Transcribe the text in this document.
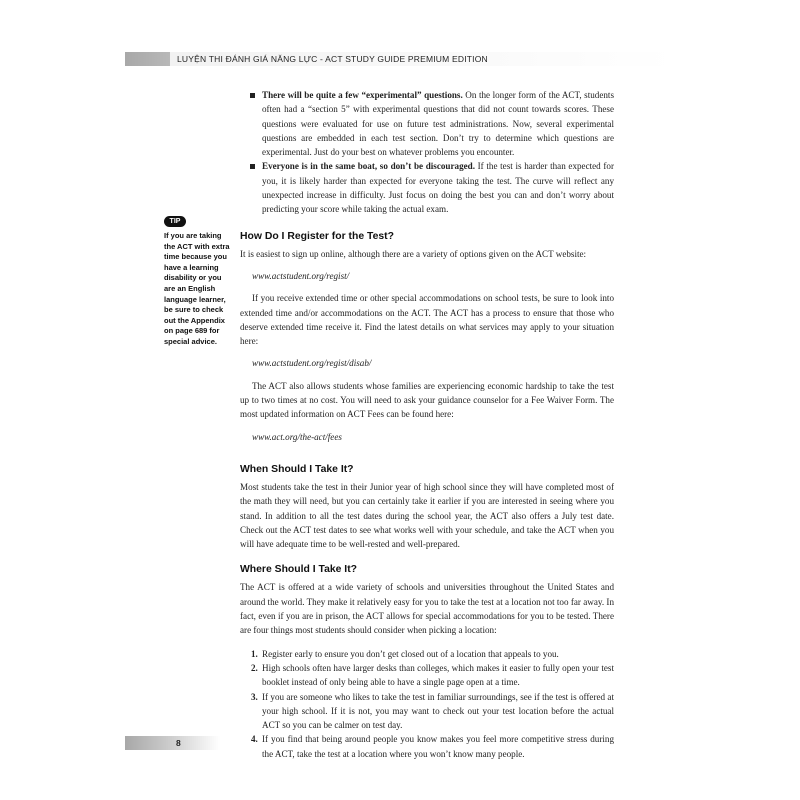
LUYỆN THI ĐÁNH GIÁ NĂNG LỰC - ACT STUDY GUIDE PREMIUM EDITION
TIP
If you are taking the ACT with extra time because you have a learning disability or you are an English language learner, be sure to check out the Appendix on page 689 for special advice.
There will be quite a few “experimental” questions. On the longer form of the ACT, students often had a “section 5” with experimental questions that did not count towards scores. These questions were evaluated for use on future test administrations. Now, several experimental questions are embedded in each test section. Don’t try to determine which questions are experimental. Just do your best on whatever problems you encounter.
Everyone is in the same boat, so don’t be discouraged. If the test is harder than expected for you, it is likely harder than expected for everyone taking the test. The curve will reflect any unexpected increase in difficulty. Just focus on doing the best you can and don’t worry about predicting your score while taking the actual exam.
How Do I Register for the Test?

It is easiest to sign up online, although there are a variety of options given on the ACT website:

www.actstudent.org/regist/

If you receive extended time or other special accommodations on school tests, be sure to look into extended time and/or accommodations on the ACT. The ACT has a process to ensure that those who deserve extended time receive it. Find the latest details on what services may apply to your situation here:

www.actstudent.org/regist/disab/

The ACT also allows students whose families are experiencing economic hardship to take the test up to two times at no cost. You will need to ask your guidance counselor for a Fee Waiver Form. The most updated information on ACT Fees can be found here:

www.act.org/the-act/fees

When Should I Take It?

Most students take the test in their Junior year of high school since they will have completed most of the math they will need, but you can certainly take it earlier if you are interested in seeing where you stand. In addition to all the test dates during the school year, the ACT also offers a July test date. Check out the ACT test dates to see what works well with your schedule, and take the ACT when you will have adequate time to be well-rested and well-prepared.

Where Should I Take It?

The ACT is offered at a wide variety of schools and universities throughout the United States and around the world. They make it relatively easy for you to take the test at a location not too far away. In fact, even if you are in prison, the ACT allows for special accommodations for you to be tested. There are four things most students should consider when picking a location:

1. Register early to ensure you don’t get closed out of a location that appeals to you.
2. High schools often have larger desks than colleges, which makes it easier to fully open your test booklet instead of only being able to have a single page open at a time.
3. If you are someone who likes to take the test in familiar surroundings, see if the test is offered at your high school. If it is not, you may want to check out your test location before the actual ACT so you can be calmer on test day.
4. If you find that being around people you know makes you feel more competitive stress during the ACT, take the test at a location where you won’t know many people.
8
